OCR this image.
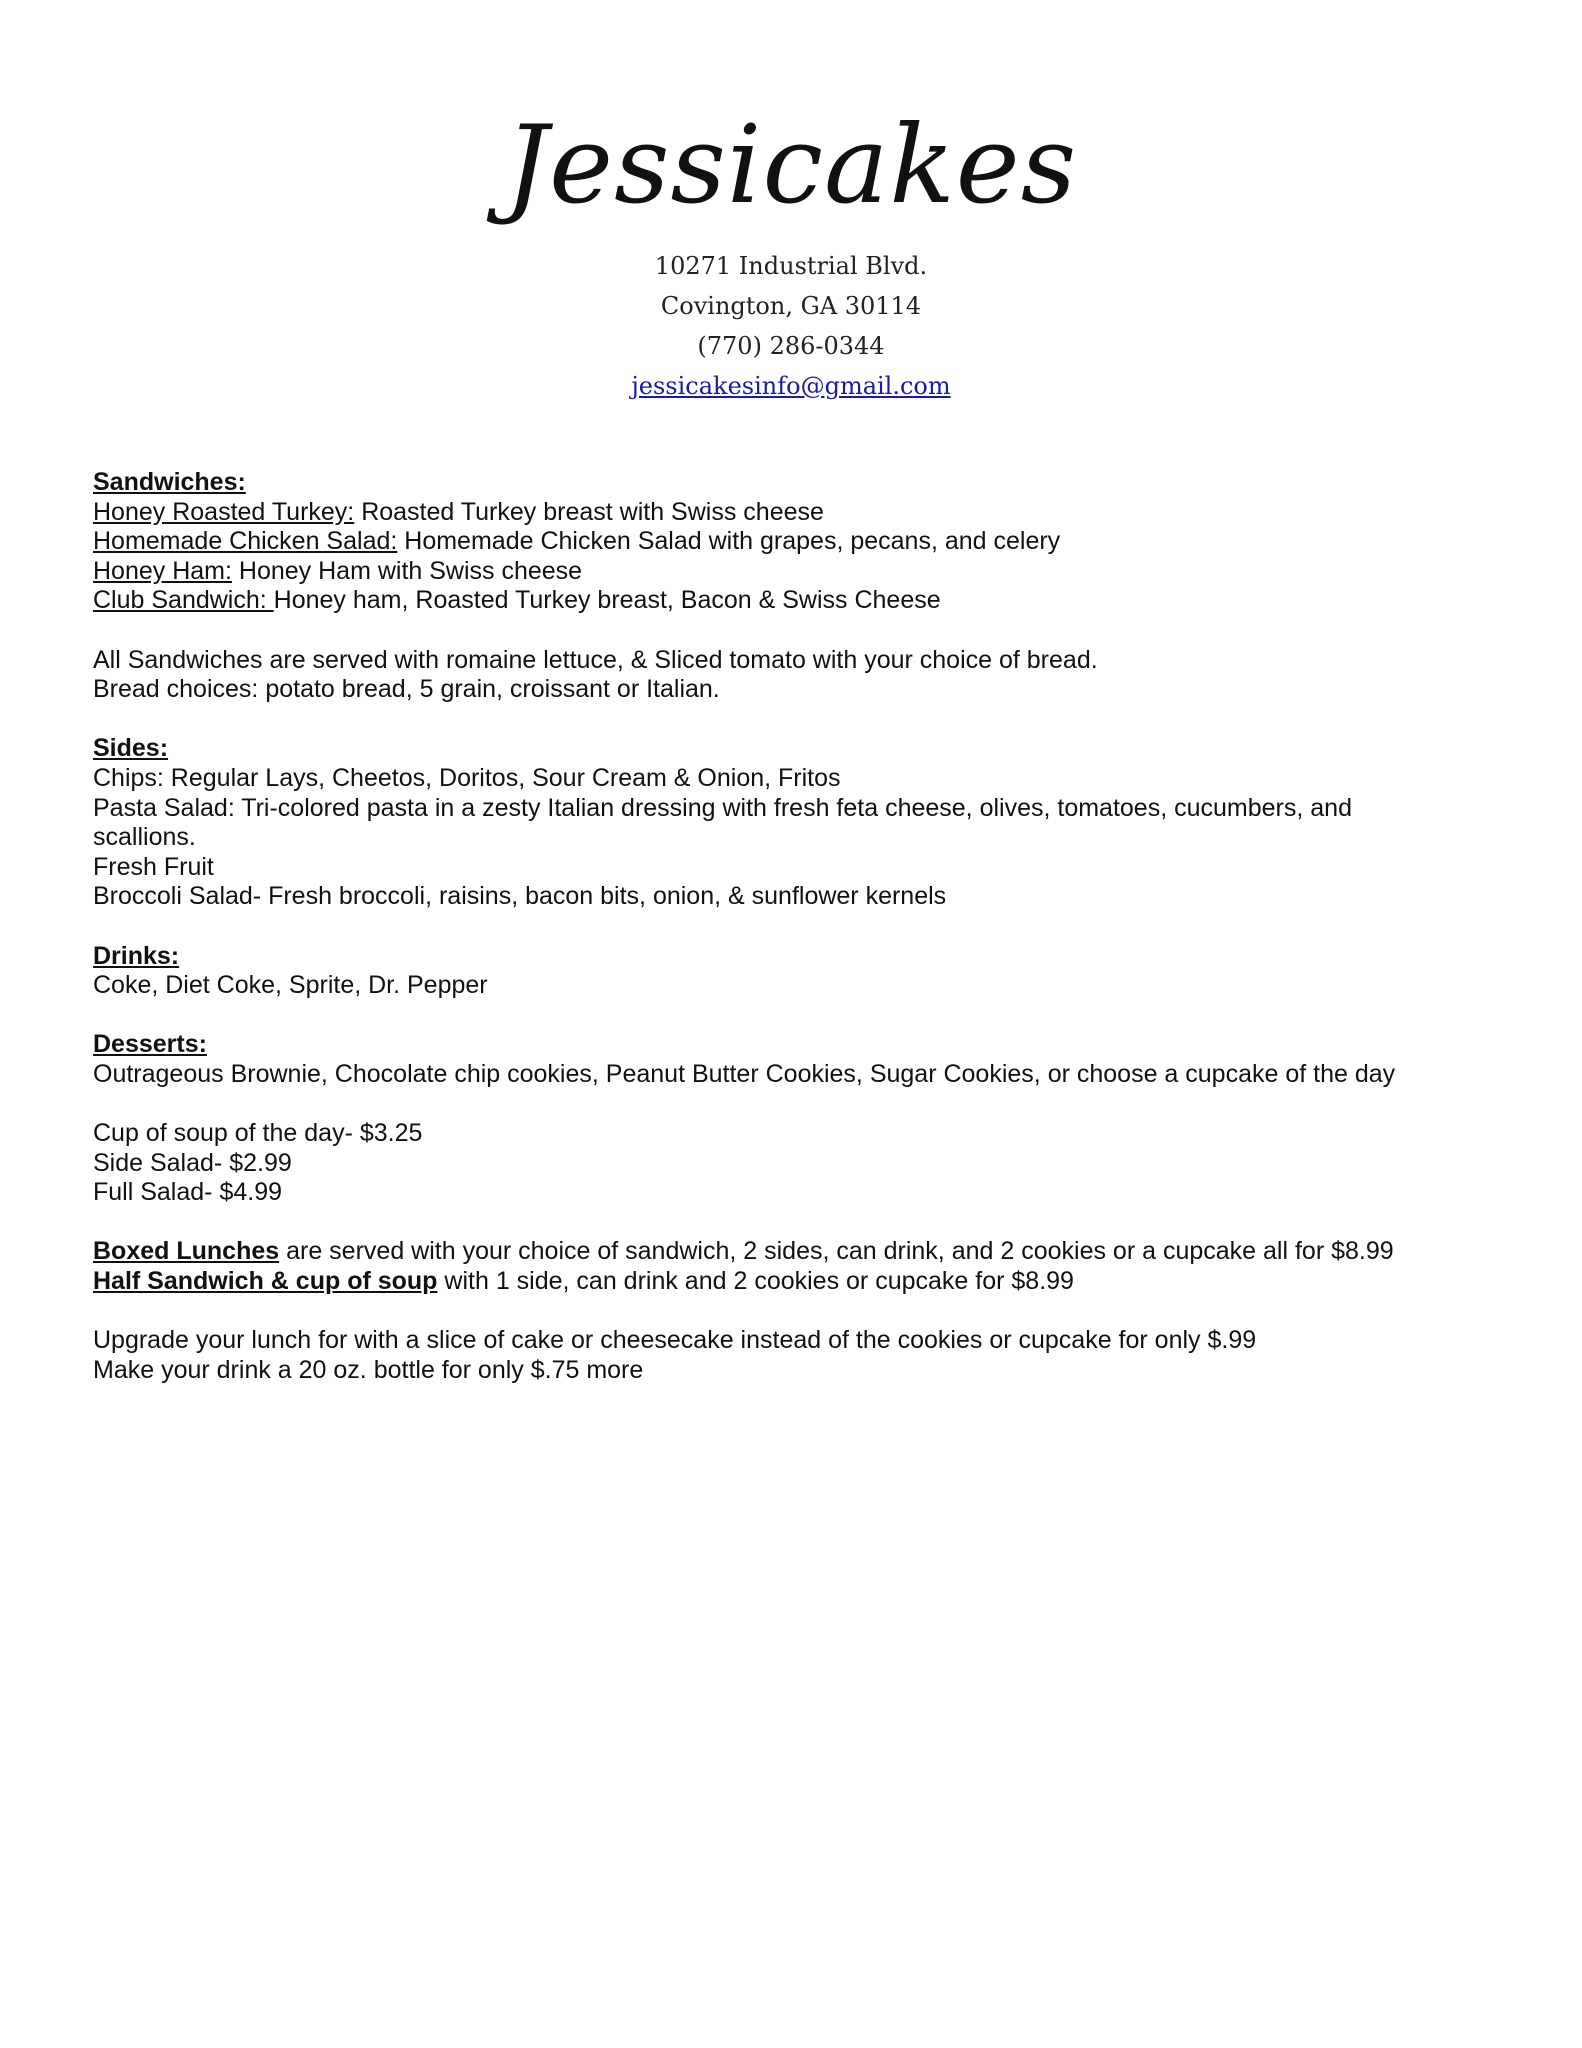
Jessicakes
10271 Industrial Blvd.
Covington, GA 30114
(770) 286-0344
jessicakesinfo@gmail.com
Sandwiches:
Honey Roasted Turkey: Roasted Turkey breast with Swiss cheese
Homemade Chicken Salad: Homemade Chicken Salad with grapes, pecans, and celery
Honey Ham: Honey Ham with Swiss cheese
Club Sandwich: Honey ham, Roasted Turkey breast, Bacon & Swiss Cheese
All Sandwiches are served with romaine lettuce, & Sliced tomato with your choice of bread.
Bread choices: potato bread, 5 grain, croissant or Italian.
Sides:
Chips: Regular Lays, Cheetos, Doritos, Sour Cream & Onion, Fritos
Pasta Salad: Tri-colored pasta in a zesty Italian dressing with fresh feta cheese, olives, tomatoes, cucumbers, and scallions.
Fresh Fruit
Broccoli Salad- Fresh broccoli, raisins, bacon bits, onion, & sunflower kernels
Drinks:
Coke, Diet Coke, Sprite, Dr. Pepper
Desserts:
Outrageous Brownie, Chocolate chip cookies, Peanut Butter Cookies, Sugar Cookies, or choose a cupcake of the day
Cup of soup of the day- $3.25
Side Salad- $2.99
Full Salad- $4.99
Boxed Lunches are served with your choice of sandwich, 2 sides, can drink, and 2 cookies or a cupcake all for $8.99
Half Sandwich & cup of soup with 1 side, can drink and 2 cookies or cupcake for $8.99
Upgrade your lunch for with a slice of cake or cheesecake instead of the cookies or cupcake for only $.99
Make your drink a 20 oz. bottle for only $.75 more
